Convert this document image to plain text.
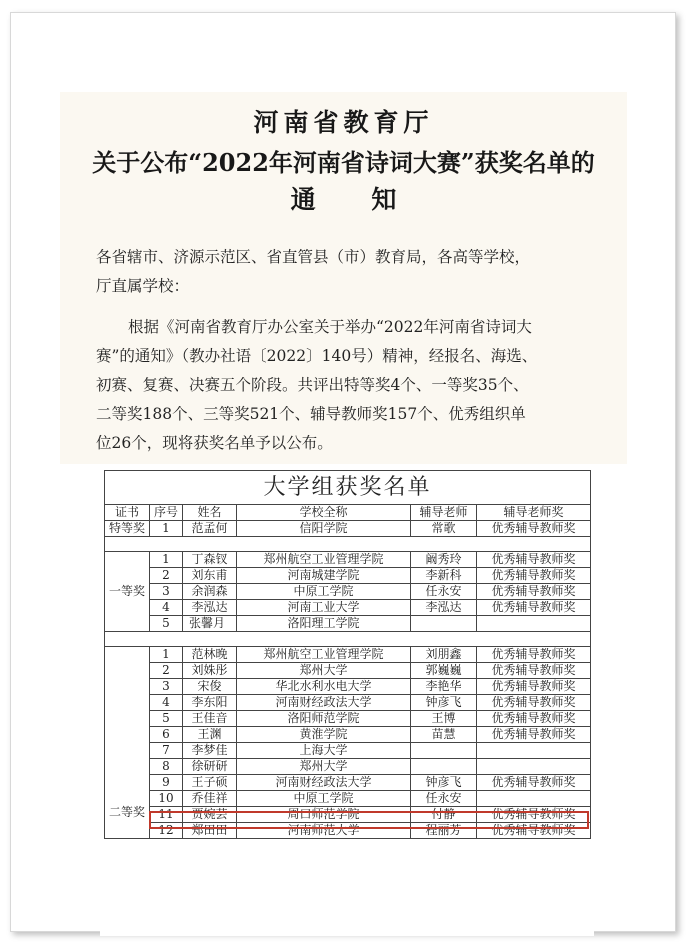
河南省教育厅
关于公布“2022年河南省诗词大赛”获奖名单的
通 知
各省辖市、济源示范区、省直管县（市）教育局，各高等学校，
厅直属学校：
根据《河南省教育厅办公室关于举办“2022年河南省诗词大
赛”的通知》（教办社语〔2022〕140号）精神，经报名、海选、
初赛、复赛、决赛五个阶段。共评出特等奖4个、一等奖35个、
二等奖188个、三等奖521个、辅导教师奖157个、优秀组织单
位26个，现将获奖名单予以公布。
大学组获奖名单					
证书	序号	姓名	学校全称	辅导老师	辅导老师奖
特等奖	1	范孟何	信阳学院	常歌	优秀辅导教师奖

一等奖	1	丁森钗	郑州航空工业管理学院	阚秀玲	优秀辅导教师奖
	2	刘东甫	河南城建学院	李新科	优秀辅导教师奖
	3	余润森	中原工学院	任永安	优秀辅导教师奖
	4	李泓达	河南工业大学	李泓达	优秀辅导教师奖
	5	张馨月	洛阳理工学院		

二等奖	1	范林晚	郑州航空工业管理学院	刘朋鑫	优秀辅导教师奖
	2	刘姝彤	郑州大学	郭巍巍	优秀辅导教师奖
	3	宋俊	华北水利水电大学	李艳华	优秀辅导教师奖
	4	李东阳	河南财经政法大学	钟彦飞	优秀辅导教师奖
	5	王佳音	洛阳师范学院	王博	优秀辅导教师奖
	6	王渊	黄淮学院	苗慧	优秀辅导教师奖
	7	李梦佳	上海大学		
	8	徐研研	郑州大学		
	9	王子硕	河南财经政法大学	钟彦飞	优秀辅导教师奖
	10	乔佳祥	中原工学院	任永安	
	11	贾婉芸	周口师范学院	付静	优秀辅导教师奖
	12	郑田田	河南师范大学	程丽芳	优秀辅导教师奖
